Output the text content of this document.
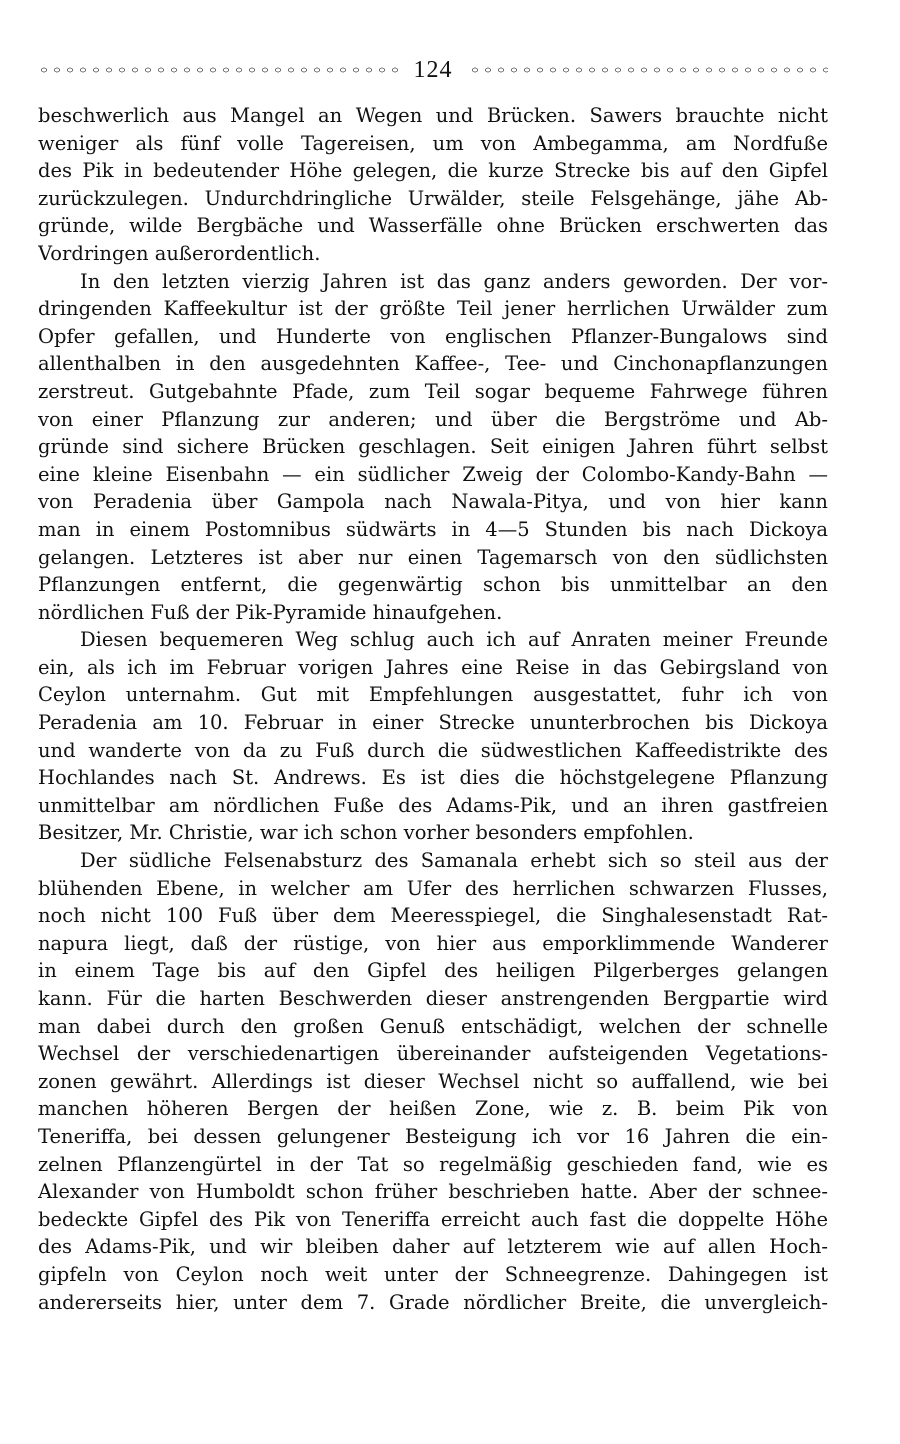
124
beschwerlich aus Mangel an Wegen und Brücken. Sawers brauchte nicht
weniger als fünf volle Tagereisen, um von Ambegamma, am Nordfuße
des Pik in bedeutender Höhe gelegen, die kurze Strecke bis auf den Gipfel
zurückzulegen. Undurchdringliche Urwälder, steile Felsgehänge, jähe Ab-
gründe, wilde Bergbäche und Wasserfälle ohne Brücken erschwerten das
Vordringen außerordentlich.
In den letzten vierzig Jahren ist das ganz anders geworden. Der vor-
dringenden Kaffeekultur ist der größte Teil jener herrlichen Urwälder zum
Opfer gefallen, und Hunderte von englischen Pflanzer-Bungalows sind
allenthalben in den ausgedehnten Kaffee-, Tee- und Cinchonapflanzungen
zerstreut. Gutgebahnte Pfade, zum Teil sogar bequeme Fahrwege führen
von einer Pflanzung zur anderen; und über die Bergströme und Ab-
gründe sind sichere Brücken geschlagen. Seit einigen Jahren führt selbst
eine kleine Eisenbahn — ein südlicher Zweig der Colombo-Kandy-Bahn —
von Peradenia über Gampola nach Nawala-Pitya, und von hier kann
man in einem Postomnibus südwärts in 4—5 Stunden bis nach Dickoya
gelangen. Letzteres ist aber nur einen Tagemarsch von den südlichsten
Pflanzungen entfernt, die gegenwärtig schon bis unmittelbar an den
nördlichen Fuß der Pik-Pyramide hinaufgehen.
Diesen bequemeren Weg schlug auch ich auf Anraten meiner Freunde
ein, als ich im Februar vorigen Jahres eine Reise in das Gebirgsland von
Ceylon unternahm. Gut mit Empfehlungen ausgestattet, fuhr ich von
Peradenia am 10. Februar in einer Strecke ununterbrochen bis Dickoya
und wanderte von da zu Fuß durch die südwestlichen Kaffeedistrikte des
Hochlandes nach St. Andrews. Es ist dies die höchstgelegene Pflanzung
unmittelbar am nördlichen Fuße des Adams-Pik, und an ihren gastfreien
Besitzer, Mr. Christie, war ich schon vorher besonders empfohlen.
Der südliche Felsenabsturz des Samanala erhebt sich so steil aus der
blühenden Ebene, in welcher am Ufer des herrlichen schwarzen Flusses,
noch nicht 100 Fuß über dem Meeresspiegel, die Singhalesenstadt Rat-
napura liegt, daß der rüstige, von hier aus emporklimmende Wanderer
in einem Tage bis auf den Gipfel des heiligen Pilgerberges gelangen
kann. Für die harten Beschwerden dieser anstrengenden Bergpartie wird
man dabei durch den großen Genuß entschädigt, welchen der schnelle
Wechsel der verschiedenartigen übereinander aufsteigenden Vegetations-
zonen gewährt. Allerdings ist dieser Wechsel nicht so auffallend, wie bei
manchen höheren Bergen der heißen Zone, wie z. B. beim Pik von
Teneriffa, bei dessen gelungener Besteigung ich vor 16 Jahren die ein-
zelnen Pflanzengürtel in der Tat so regelmäßig geschieden fand, wie es
Alexander von Humboldt schon früher beschrieben hatte. Aber der schnee-
bedeckte Gipfel des Pik von Teneriffa erreicht auch fast die doppelte Höhe
des Adams-Pik, und wir bleiben daher auf letzterem wie auf allen Hoch-
gipfeln von Ceylon noch weit unter der Schneegrenze. Dahingegen ist
andererseits hier, unter dem 7. Grade nördlicher Breite, die unvergleich-
